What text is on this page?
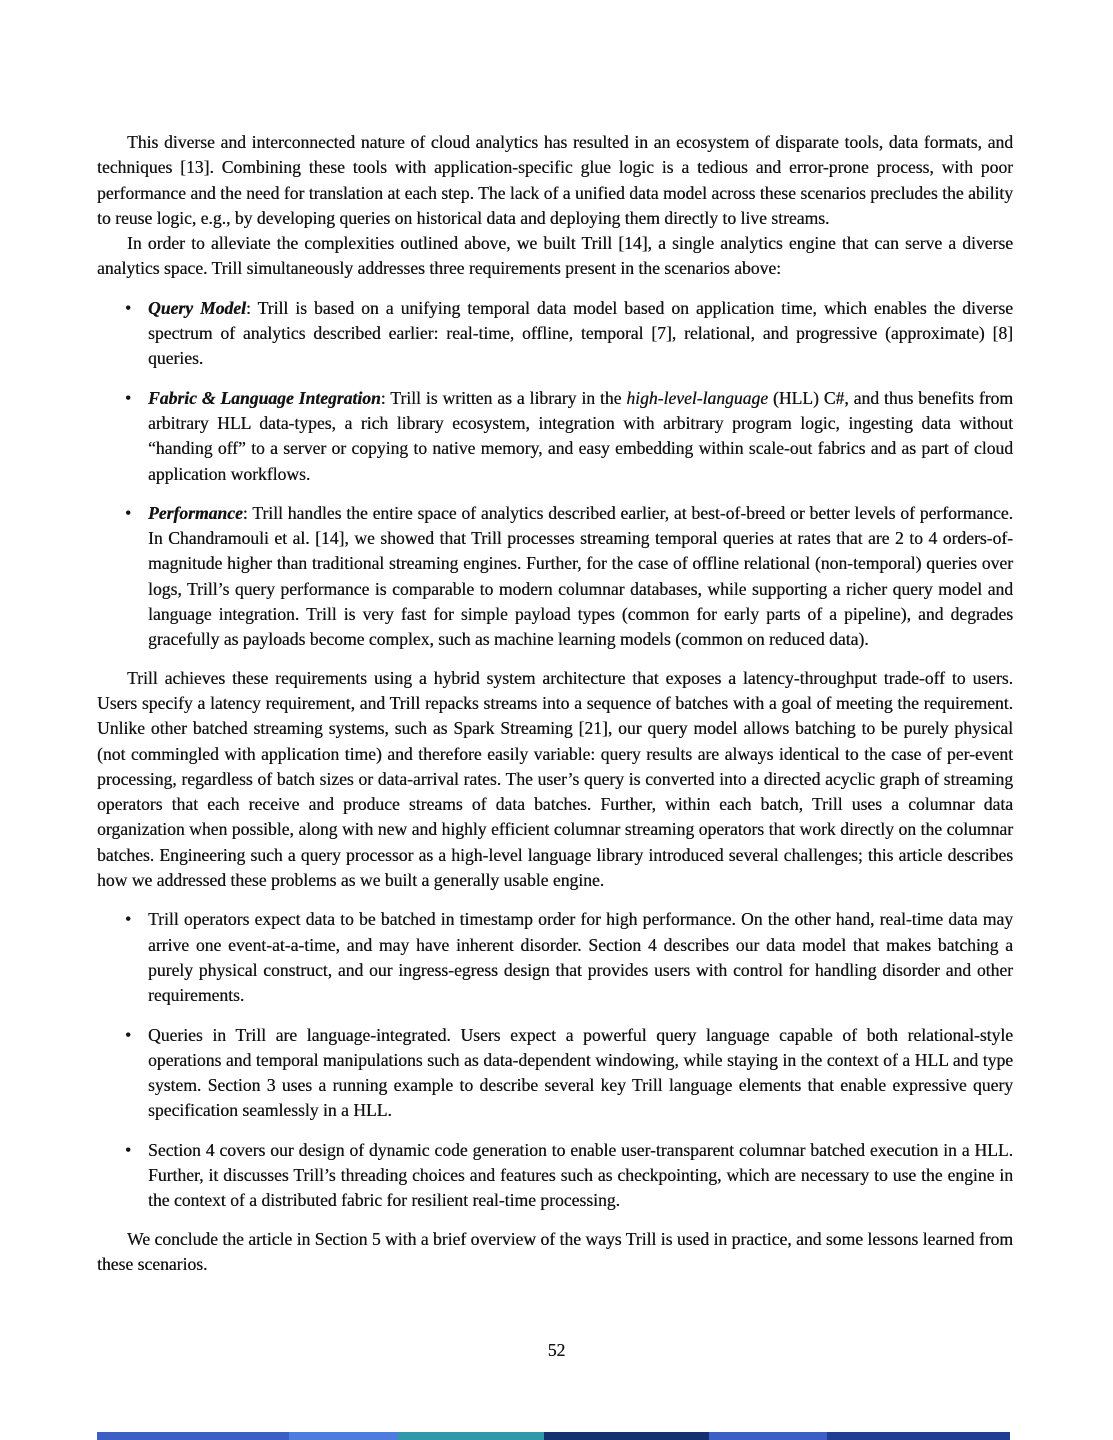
This diverse and interconnected nature of cloud analytics has resulted in an ecosystem of disparate tools, data formats, and techniques [13]. Combining these tools with application-specific glue logic is a tedious and error-prone process, with poor performance and the need for translation at each step. The lack of a unified data model across these scenarios precludes the ability to reuse logic, e.g., by developing queries on historical data and deploying them directly to live streams.

In order to alleviate the complexities outlined above, we built Trill [14], a single analytics engine that can serve a diverse analytics space. Trill simultaneously addresses three requirements present in the scenarios above:

• Query Model: Trill is based on a unifying temporal data model based on application time, which enables the diverse spectrum of analytics described earlier: real-time, offline, temporal [7], relational, and progressive (approximate) [8] queries.
• Fabric & Language Integration: Trill is written as a library in the high-level-language (HLL) C#, and thus benefits from arbitrary HLL data-types, a rich library ecosystem, integration with arbitrary program logic, ingesting data without “handing off” to a server or copying to native memory, and easy embedding within scale-out fabrics and as part of cloud application workflows.
• Performance: Trill handles the entire space of analytics described earlier, at best-of-breed or better levels of performance. In Chandramouli et al. [14], we showed that Trill processes streaming temporal queries at rates that are 2 to 4 orders-of-magnitude higher than traditional streaming engines. Further, for the case of offline relational (non-temporal) queries over logs, Trill’s query performance is comparable to modern columnar databases, while supporting a richer query model and language integration. Trill is very fast for simple payload types (common for early parts of a pipeline), and degrades gracefully as payloads become complex, such as machine learning models (common on reduced data).

Trill achieves these requirements using a hybrid system architecture that exposes a latency-throughput trade-off to users. Users specify a latency requirement, and Trill repacks streams into a sequence of batches with a goal of meeting the requirement. Unlike other batched streaming systems, such as Spark Streaming [21], our query model allows batching to be purely physical (not commingled with application time) and therefore easily variable: query results are always identical to the case of per-event processing, regardless of batch sizes or data-arrival rates. The user’s query is converted into a directed acyclic graph of streaming operators that each receive and produce streams of data batches. Further, within each batch, Trill uses a columnar data organization when possible, along with new and highly efficient columnar streaming operators that work directly on the columnar batches. Engineering such a query processor as a high-level language library introduced several challenges; this article describes how we addressed these problems as we built a generally usable engine.

• Trill operators expect data to be batched in timestamp order for high performance. On the other hand, real-time data may arrive one event-at-a-time, and may have inherent disorder. Section 4 describes our data model that makes batching a purely physical construct, and our ingress-egress design that provides users with control for handling disorder and other requirements.
• Queries in Trill are language-integrated. Users expect a powerful query language capable of both relational-style operations and temporal manipulations such as data-dependent windowing, while staying in the context of a HLL and type system. Section 3 uses a running example to describe several key Trill language elements that enable expressive query specification seamlessly in a HLL.
• Section 4 covers our design of dynamic code generation to enable user-transparent columnar batched execution in a HLL. Further, it discusses Trill’s threading choices and features such as checkpointing, which are necessary to use the engine in the context of a distributed fabric for resilient real-time processing.

We conclude the article in Section 5 with a brief overview of the ways Trill is used in practice, and some lessons learned from these scenarios.

52
